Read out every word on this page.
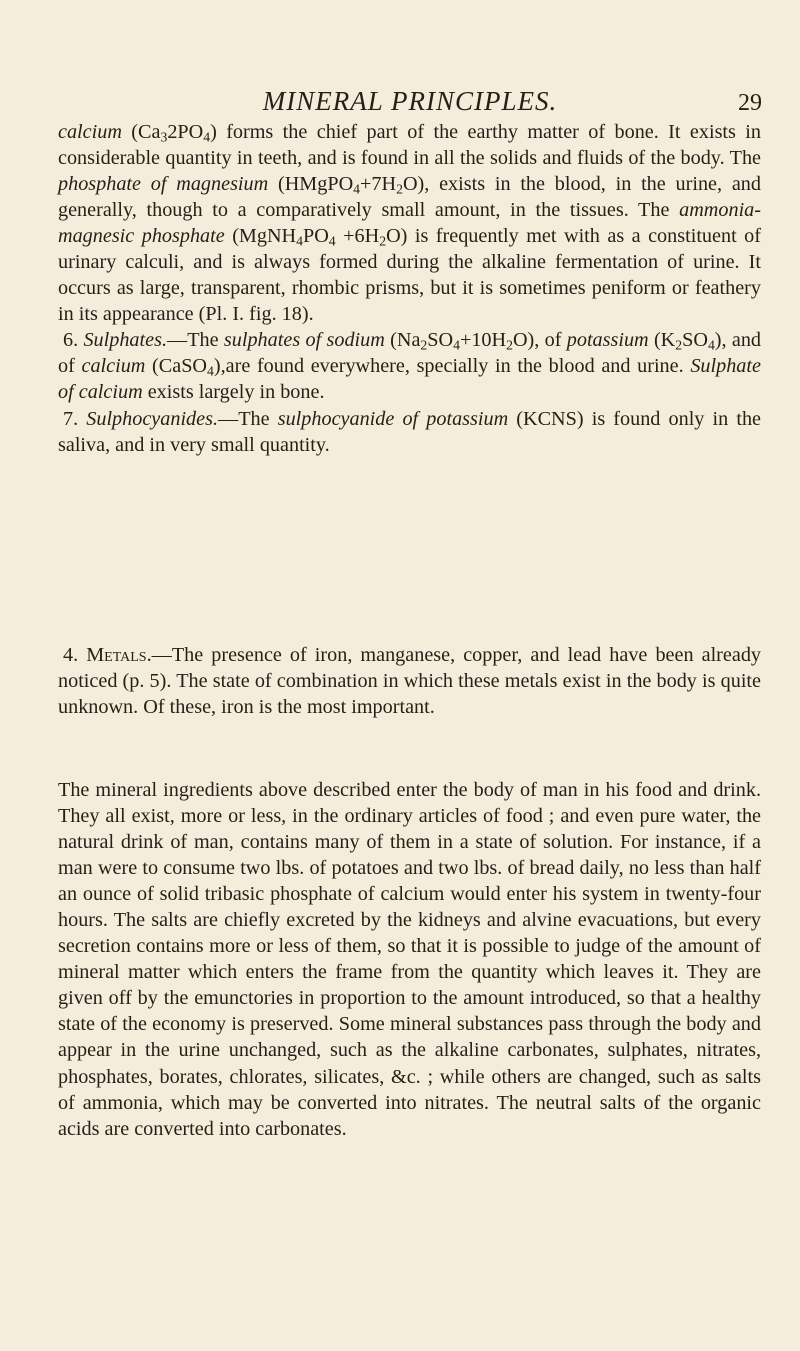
MINERAL PRINCIPLES.	29

calcium $(Ca_32PO_4)$ forms the chief part of the earthy matter of bone. It exists in considerable quantity in teeth, and is found in all the solids and fluids of the body. The phosphate of magnesium $(HMgPO_4+7H_2O)$, exists in the blood, in the urine, and generally, though to a comparatively small amount, in the tissues. The ammonia-magnesic phosphate $(MgNH_4PO_4 +6H_2O)$ is frequently met with as a constituent of urinary calculi, and is always formed during the alkaline fermentation of urine. It occurs as large, transparent, rhombic prisms, but it is sometimes peniform or feathery in its appearance (Pl. I. fig. 18).

6. Sulphates.—The sulphates of sodium $(Na_2SO_4+10H_2O)$, of potassium $(K_2SO_4)$, and of calcium (CaSO$_4$),are found everywhere, specially in the blood and urine. Sulphate of calcium exists largely in bone.

7. Sulphocyanides.—The sulphocyanide of potassium (KCNS) is found only in the saliva, and in very small quantity.

4. Metals.—The presence of iron, manganese, copper, and lead have been already noticed (p. 5). The state of combination in which these metals exist in the body is quite unknown. Of these, iron is the most important.

The mineral ingredients above described enter the body of man in his food and drink. They all exist, more or less, in the ordinary articles of food ; and even pure water, the natural drink of man, contains many of them in a state of solution. For instance, if a man were to consume two lbs. of potatoes and two lbs. of bread daily, no less than half an ounce of solid tribasic phosphate of calcium would enter his system in twenty-four hours. The salts are chiefly excreted by the kidneys and alvine evacuations, but every secretion contains more or less of them, so that it is possible to judge of the amount of mineral matter which enters the frame from the quantity which leaves it. They are given off by the emunctories in proportion to the amount introduced, so that a healthy state of the economy is preserved. Some mineral substances pass through the body and appear in the urine unchanged, such as the alkaline carbonates, sulphates, nitrates, phosphates, borates, chlorates, silicates, &c. ; while others are changed, such as salts of ammonia, which may be converted into nitrates. The neutral salts of the organic acids are converted into carbonates.
